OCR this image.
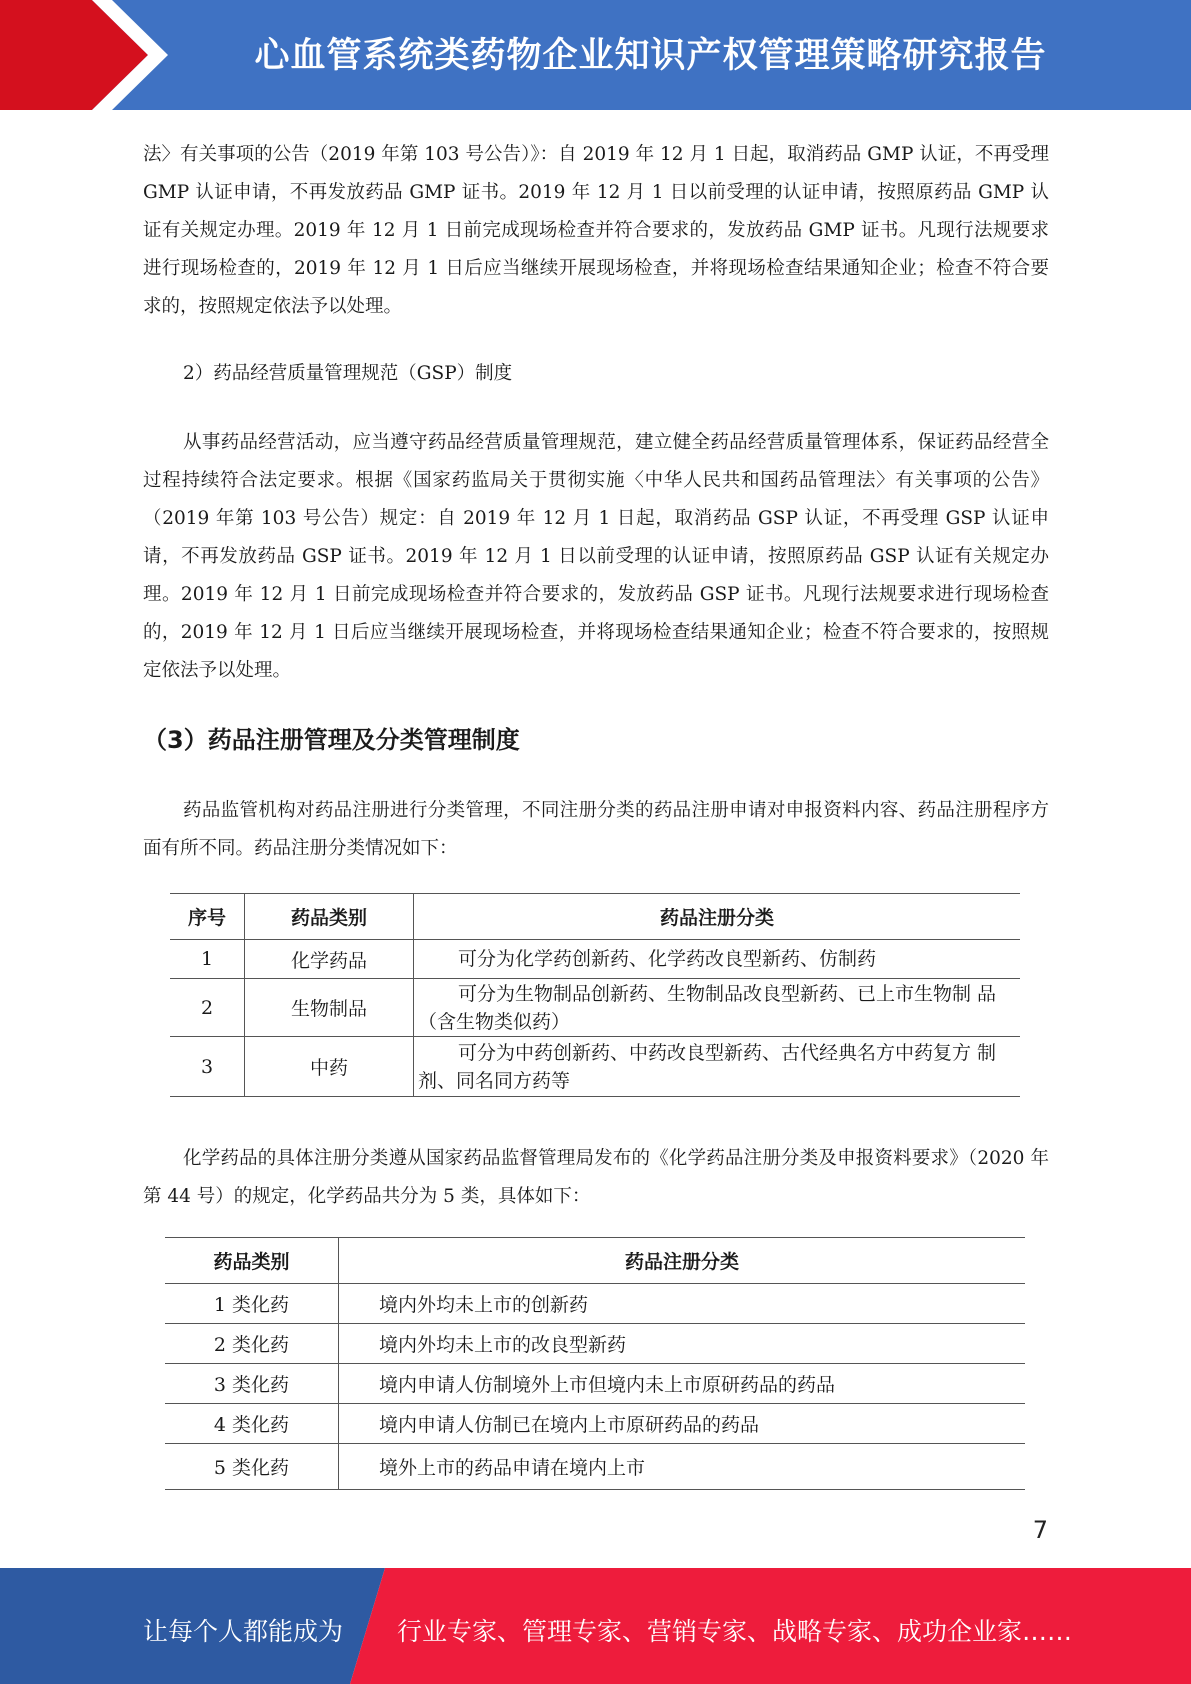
心血管系统类药物企业知识产权管理策略研究报告

法〉有关事项的公告（2019 年第 103 号公告）》：自 2019 年 12 月 1 日起，取消药品 GMP 认证，不再受理 GMP 认证申请，不再发放药品 GMP 证书。2019 年 12 月 1 日以前受理的认证申请，按照原药品 GMP 认证有关规定办理。2019 年 12 月 1 日前完成现场检查并符合要求的，发放药品 GMP 证书。凡现行法规要求进行现场检查的，2019 年 12 月 1 日后应当继续开展现场检查，并将现场检查结果通知企业；检查不符合要求的，按照规定依法予以处理。

2）药品经营质量管理规范（GSP）制度

从事药品经营活动，应当遵守药品经营质量管理规范，建立健全药品经营质量管理体系，保证药品经营全过程持续符合法定要求。根据《国家药监局关于贯彻实施〈中华人民共和国药品管理法〉有关事项的公告》（2019 年第 103 号公告）规定：自 2019 年 12 月 1 日起，取消药品 GSP 认证，不再受理 GSP 认证申请，不再发放药品 GSP 证书。2019 年 12 月 1 日以前受理的认证申请，按照原药品 GSP 认证有关规定办理。2019 年 12 月 1 日前完成现场检查并符合要求的，发放药品 GSP 证书。凡现行法规要求进行现场检查的，2019 年 12 月 1 日后应当继续开展现场检查，并将现场检查结果通知企业；检查不符合要求的，按照规定依法予以处理。

（3）药品注册管理及分类管理制度

药品监管机构对药品注册进行分类管理，不同注册分类的药品注册申请对申报资料内容、药品注册程序方面有所不同。药品注册分类情况如下：

化学药品的具体注册分类遵从国家药品监督管理局发布的《化学药品注册分类及申报资料要求》（2020 年第 44 号）的规定，化学药品共分为 5 类，具体如下：

序号	药品类别	药品注册分类
1	化学药品	可分为化学药创新药、化学药改良型新药、仿制药
2	生物制品	可分为生物制品创新药、生物制品改良型新药、已上市生物制 品（含生物类似药）
3	中药	可分为中药创新药、中药改良型新药、古代经典名方中药复方 制剂、同名同方药等
药品类别	药品注册分类
1 类化药	境内外均未上市的创新药
2 类化药	境内外均未上市的改良型新药
3 类化药	境内申请人仿制境外上市但境内未上市原研药品的药品
4 类化药	境内申请人仿制已在境内上市原研药品的药品
5 类化药	境外上市的药品申请在境内上市
7
让每个人都能成为 行业专家、管理专家、营销专家、战略专家、成功企业家……
